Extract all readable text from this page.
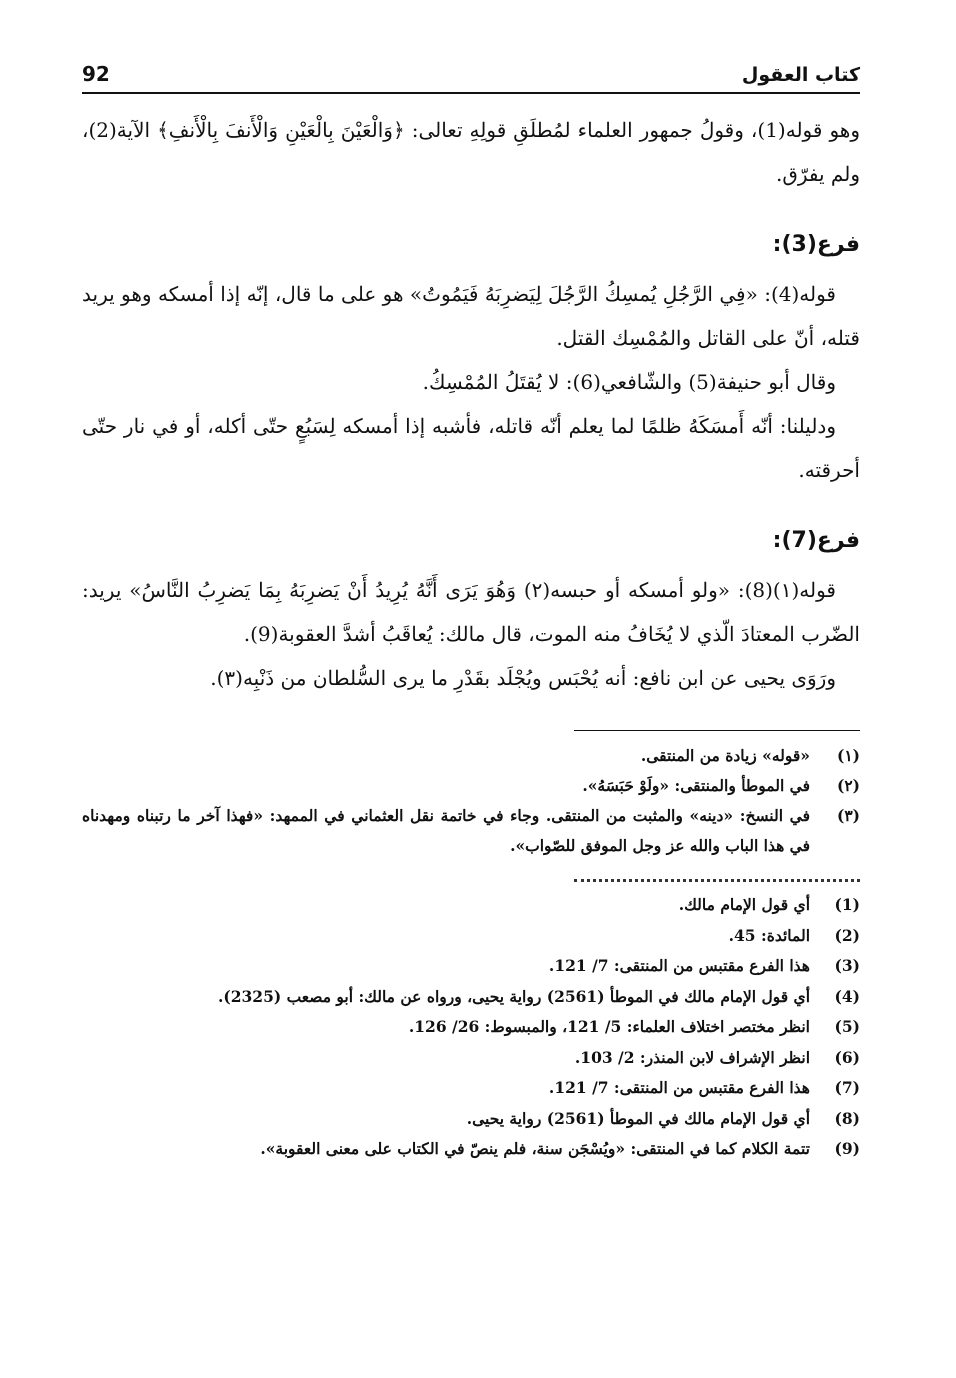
كتاب العقول
92

وهو قوله(1)، وقولُ جمهور العلماء لمُطلَقِ قولِهِ تعالى: ﴿وَالْعَيْنَ بِالْعَيْنِ وَالْأَنفَ بِالْأَنفِ﴾ الآية(2)، ولم يفرّق.

فرع(3):

قوله(4): «فِي الرَّجُلِ يُمسِكُ الرَّجُلَ لِيَضرِبَهُ فَيَمُوتُ» هو على ما قال، إنّه إذا أمسكه وهو يريد قتله، أنّ على القاتل والمُمْسِك القتل.

وقال أبو حنيفة(5) والشّافعي(6): لا يُقتَلُ المُمْسِكُ.

ودليلنا: أنّه أَمسَكَهُ ظلمًا لما يعلم أنّه قاتله، فأشبه إذا أمسكه لِسَبُعٍ حتّى أكله، أو في نار حتّى أحرقته.

فرع(7):

قوله(١)(8): «ولو أمسكه أو حبسه(٢) وَهُوَ يَرَى أَنَّهُ يُرِيدُ أَنْ يَضرِبَهُ بِمَا يَضرِبُ النَّاسُ» يريد: الضّرب المعتادَ الّذي لا يُخَافُ منه الموت، قال مالك: يُعاقَبُ أشدَّ العقوبة(9).

ورَوَى يحيى عن ابن نافع: أنه يُحْبَس ويُجْلَد بقَدْرِ ما يرى السُّلطان من ذَنْبِه(٣).

(١)
«قوله» زيادة من المنتقى.
(٢)
في الموطأ والمنتقى: «ولَوْ حَبَسَهُ».
(٣)
في النسخ: «دينه» والمثبت من المنتقى. وجاء في خاتمة نقل العثماني في الممهد: «فهذا آخر ما رتبناه ومهدناه في هذا الباب والله عز وجل الموفق للصّواب».
(1)
أي قول الإمام مالك.
(2)
المائدة: 45.
(3)
هذا الفرع مقتبس من المنتقى: 7/ 121.
(4)
أي قول الإمام مالك في الموطأ (2561) رواية يحيى، ورواه عن مالك: أبو مصعب (2325).
(5)
انظر مختصر اختلاف العلماء: 5/ 121، والمبسوط: 26/ 126.
(6)
انظر الإشراف لابن المنذر: 2/ 103.
(7)
هذا الفرع مقتبس من المنتقى: 7/ 121.
(8)
أي قول الإمام مالك في الموطأ (2561) رواية يحيى.
(9)
تتمة الكلام كما في المنتقى: «ويُسْجَن سنة، فلم ينصّ في الكتاب على معنى العقوبة».
